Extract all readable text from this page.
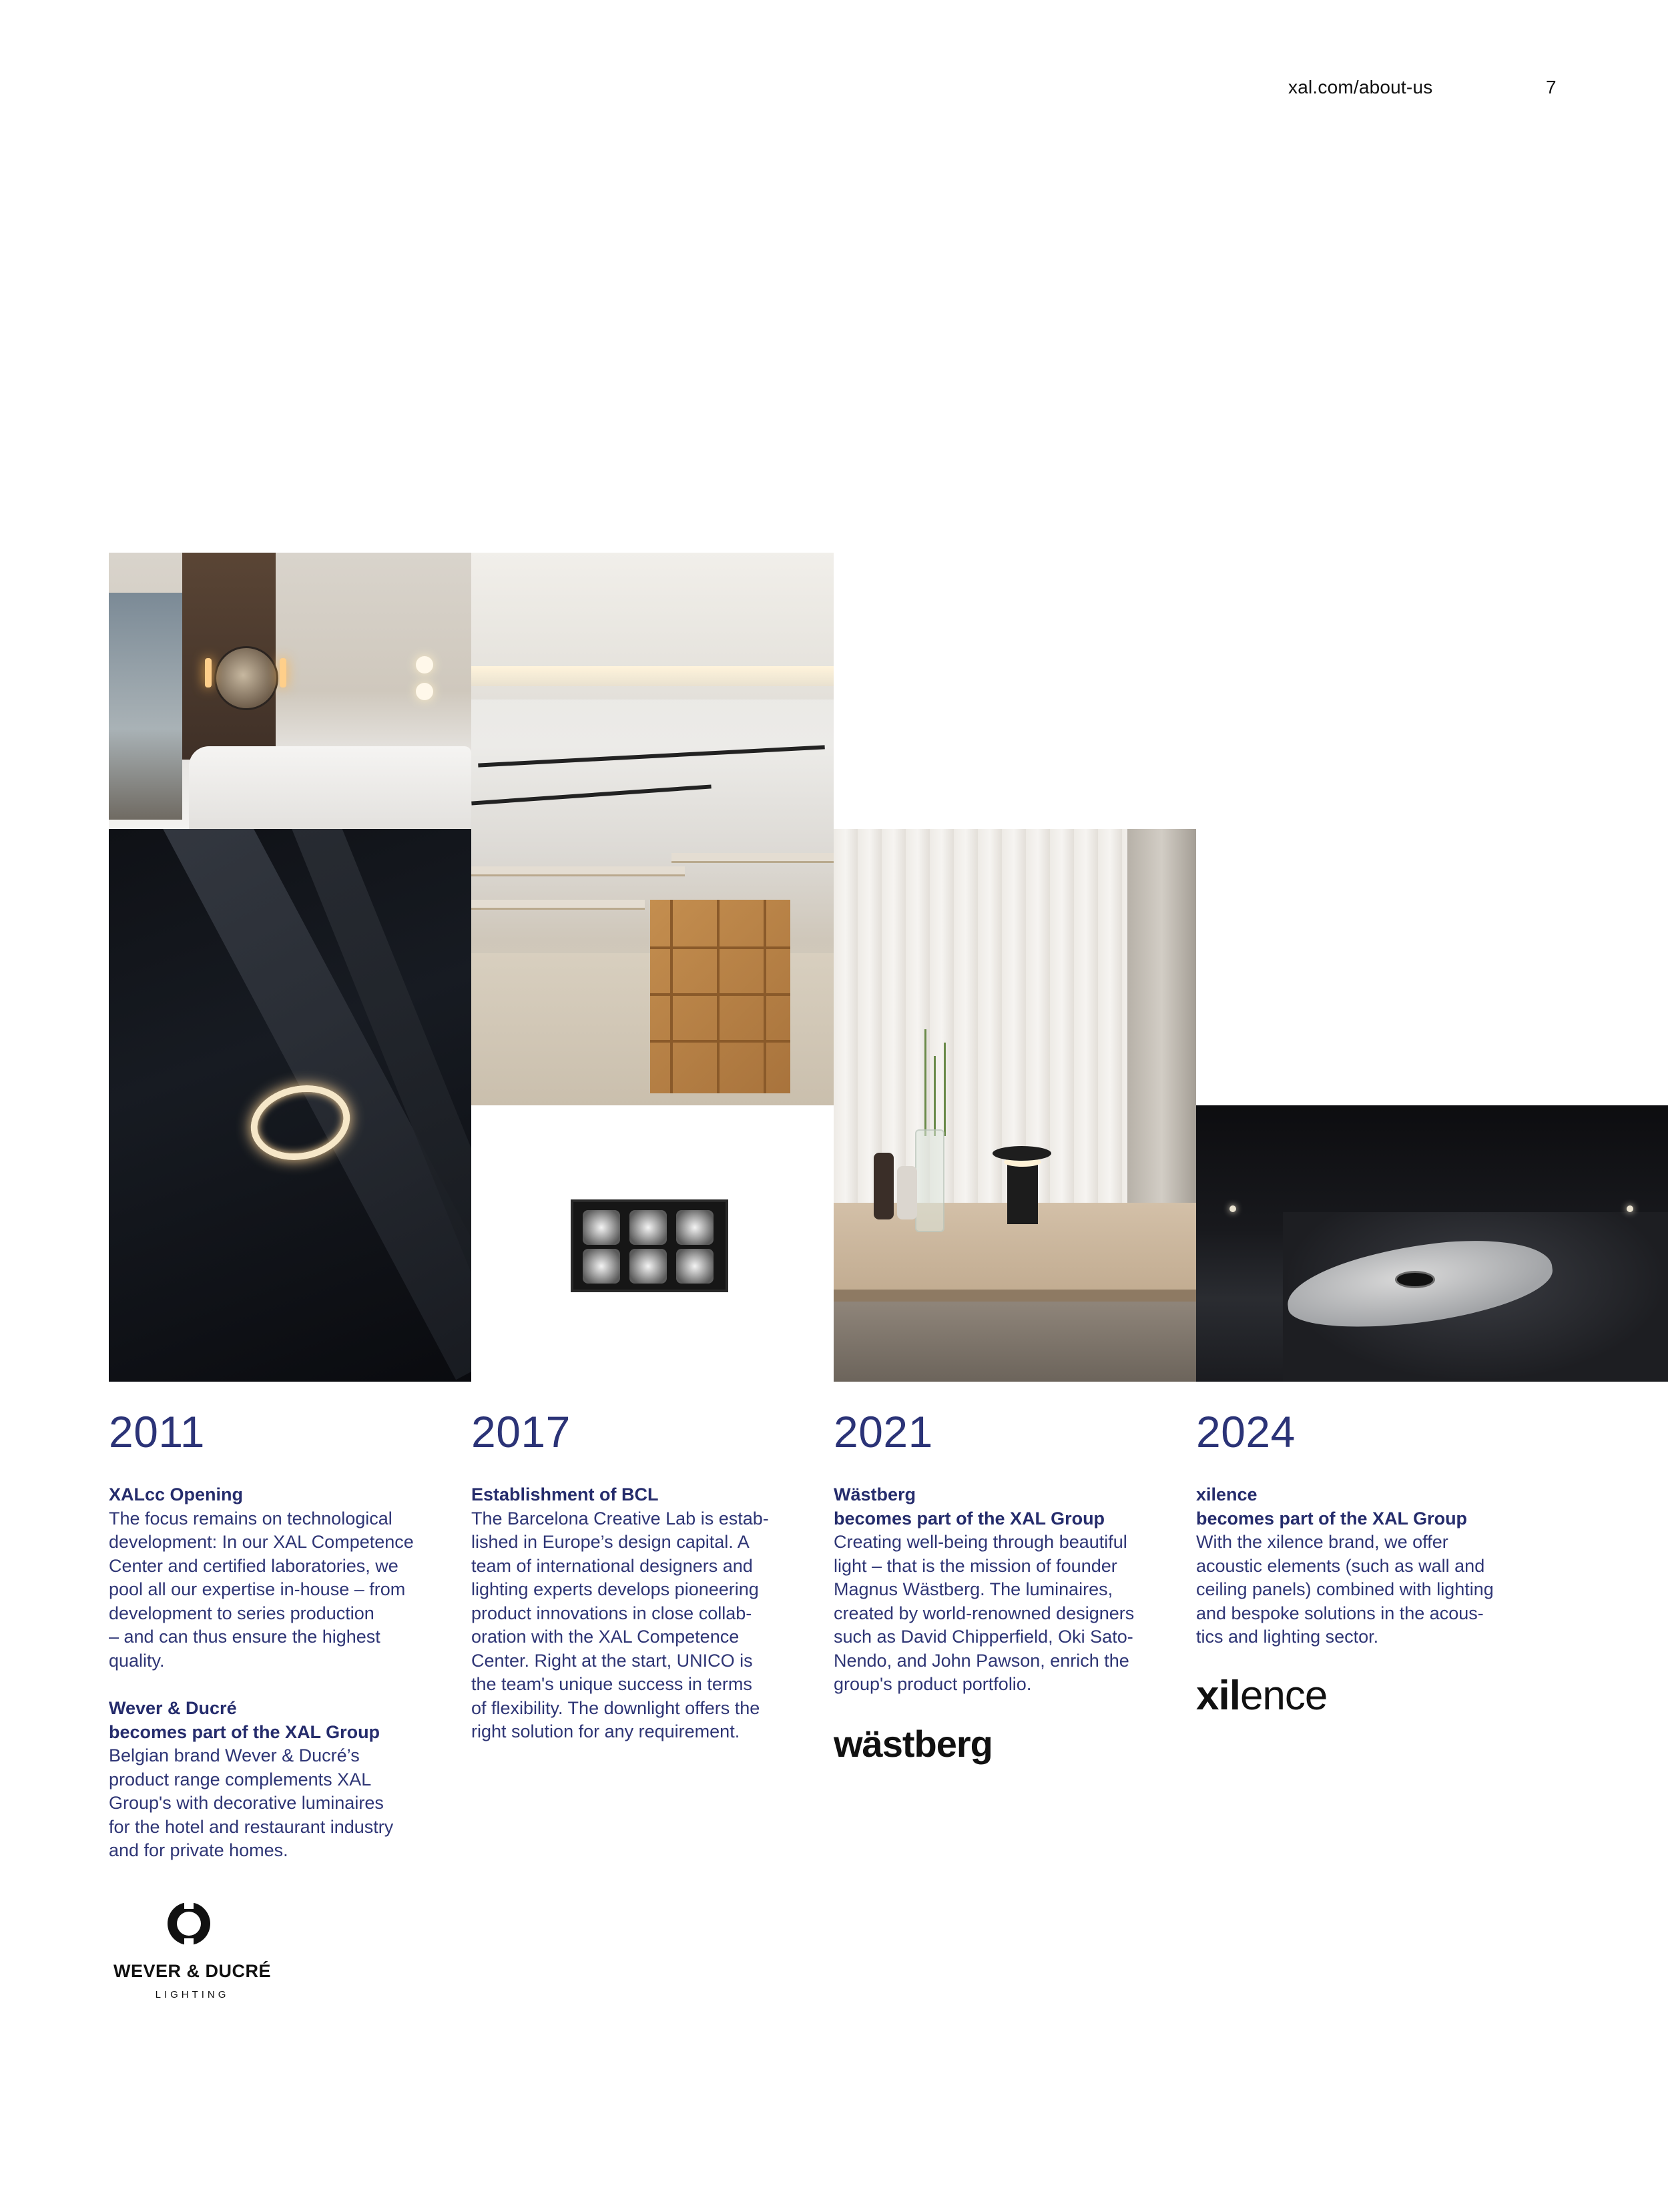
xal.com/about-us	7
2011

XALcc Opening

The focus remains on technological
development: In our XAL Competence
Center and certified laboratories, we
pool all our expertise in-house – from
development to series production
– and can thus ensure the highest
quality.

Wever & Ducré
becomes part of the XAL Group

Belgian brand Wever & Ducré’s
product range complements XAL
Group's with decorative luminaires
for the hotel and restaurant industry
and for private homes.

2017

Establishment of BCL

The Barcelona Creative Lab is estab-
lished in Europe’s design capital. A
team of international designers and
lighting experts develops pioneering
product innovations in close collab-
oration with the XAL Competence
Center. Right at the start, UNICO is
the team's unique success in terms
of flexibility. The downlight offers the
right solution for any requirement.

2021

Wästberg
becomes part of the XAL Group

Creating well-being through beautiful
light – that is the mission of founder
Magnus Wästberg. The luminaires,
created by world-renowned designers
such as David Chipperfield, Oki Sato-
Nendo, and John Pawson, enrich the
group's product portfolio.

2024

xilence
becomes part of the XAL Group

With the xilence brand, we offer
acoustic elements (such as wall and
ceiling panels) combined with lighting
and bespoke solutions in the acous-
tics and lighting sector.

WEVER & DUCRÉ
LIGHTING
wästberg
xilence
